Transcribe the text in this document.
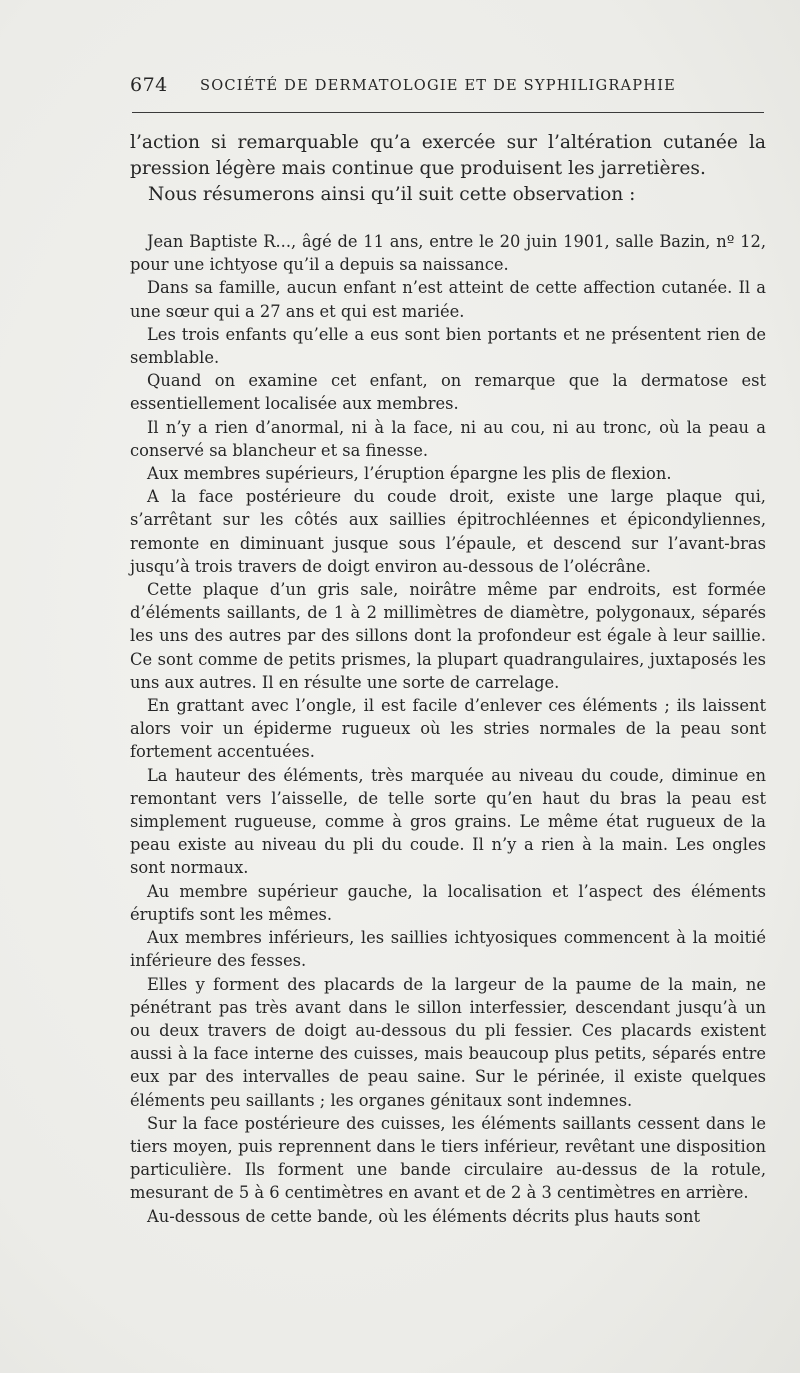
674 SOCIÉTÉ DE DERMATOLOGIE ET DE SYPHILIGRAPHIE

l’action si remarquable qu’a exercée sur l’altération cutanée la pression légère mais continue que produisent les jarretières.

Nous résumerons ainsi qu’il suit cette observation :

Jean Baptiste R..., âgé de 11 ans, entre le 20 juin 1901, salle Bazin, nº 12, pour une ichtyose qu’il a depuis sa naissance.

Dans sa famille, aucun enfant n’est atteint de cette affection cutanée. Il a une sœur qui a 27 ans et qui est mariée.

Les trois enfants qu’elle a eus sont bien portants et ne présentent rien de semblable.

Quand on examine cet enfant, on remarque que la dermatose est essentiellement localisée aux membres.

Il n’y a rien d’anormal, ni à la face, ni au cou, ni au tronc, où la peau a conservé sa blancheur et sa finesse.

Aux membres supérieurs, l’éruption épargne les plis de flexion.

A la face postérieure du coude droit, existe une large plaque qui, s’arrêtant sur les côtés aux saillies épitrochléennes et épicondyliennes, remonte en diminuant jusque sous l’épaule, et descend sur l’avant-bras jusqu’à trois travers de doigt environ au-dessous de l’olécrâne.

Cette plaque d’un gris sale, noirâtre même par endroits, est formée d’éléments saillants, de 1 à 2 millimètres de diamètre, polygonaux, séparés les uns des autres par des sillons dont la profondeur est égale à leur saillie. Ce sont comme de petits prismes, la plupart quadrangulaires, juxtaposés les uns aux autres. Il en résulte une sorte de carrelage.

En grattant avec l’ongle, il est facile d’enlever ces éléments ; ils laissent alors voir un épiderme rugueux où les stries normales de la peau sont fortement accentuées.

La hauteur des éléments, très marquée au niveau du coude, diminue en remontant vers l’aisselle, de telle sorte qu’en haut du bras la peau est simplement rugueuse, comme à gros grains. Le même état rugueux de la peau existe au niveau du pli du coude. Il n’y a rien à la main. Les ongles sont normaux.

Au membre supérieur gauche, la localisation et l’aspect des éléments éruptifs sont les mêmes.

Aux membres inférieurs, les saillies ichtyosiques commencent à la moitié inférieure des fesses.

Elles y forment des placards de la largeur de la paume de la main, ne pénétrant pas très avant dans le sillon interfessier, descendant jusqu’à un ou deux travers de doigt au-dessous du pli fessier. Ces placards existent aussi à la face interne des cuisses, mais beaucoup plus petits, séparés entre eux par des intervalles de peau saine. Sur le périnée, il existe quelques éléments peu saillants ; les organes génitaux sont indemnes.

Sur la face postérieure des cuisses, les éléments saillants cessent dans le tiers moyen, puis reprennent dans le tiers inférieur, revêtant une disposition particulière. Ils forment une bande circulaire au-dessus de la rotule, mesurant de 5 à 6 centimètres en avant et de 2 à 3 centimètres en arrière.

Au-dessous de cette bande, où les éléments décrits plus hauts sont
